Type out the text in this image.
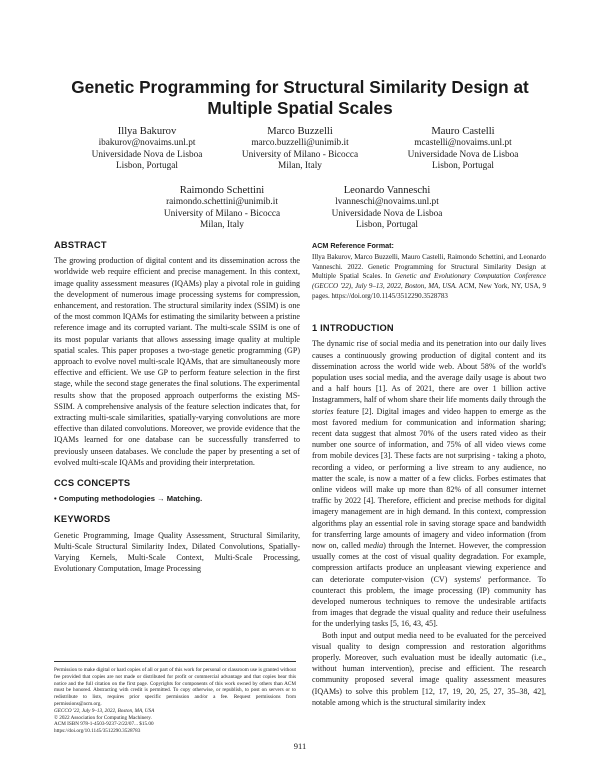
Genetic Programming for Structural Similarity Design at Multiple Spatial Scales
Illya Bakurov
ibakurov@novaims.unl.pt
Universidade Nova de Lisboa
Lisbon, Portugal
Marco Buzzelli
marco.buzzelli@unimib.it
University of Milano - Bicocca
Milan, Italy
Mauro Castelli
mcastelli@novaims.unl.pt
Universidade Nova de Lisboa
Lisbon, Portugal
Raimondo Schettini
raimondo.schettini@unimib.it
University of Milano - Bicocca
Milan, Italy
Leonardo Vanneschi
lvanneschi@novaims.unl.pt
Universidade Nova de Lisboa
Lisbon, Portugal
ABSTRACT

The growing production of digital content and its dissemination across the worldwide web require efficient and precise management. In this context, image quality assessment measures (IQAMs) play a pivotal role in guiding the development of numerous image processing systems for compression, enhancement, and restoration. The structural similarity index (SSIM) is one of the most common IQAMs for estimating the similarity between a pristine reference image and its corrupted variant. The multi-scale SSIM is one of its most popular variants that allows assessing image quality at multiple spatial scales. This paper proposes a two-stage genetic programming (GP) approach to evolve novel multi-scale IQAMs, that are simultaneously more effective and efficient. We use GP to perform feature selection in the first stage, while the second stage generates the final solutions. The experimental results show that the proposed approach outperforms the existing MS-SSIM. A comprehensive analysis of the feature selection indicates that, for extracting multi-scale similarities, spatially-varying convolutions are more effective than dilated convolutions. Moreover, we provide evidence that the IQAMs learned for one database can be successfully transferred to previously unseen databases. We conclude the paper by presenting a set of evolved multi-scale IQAMs and providing their interpretation.

CCS CONCEPTS

• Computing methodologies → Matching.

KEYWORDS

Genetic Programming, Image Quality Assessment, Structural Similarity, Multi-Scale Structural Similarity Index, Dilated Convolutions, Spatially-Varying Kernels, Multi-Scale Context, Multi-Scale Processing, Evolutionary Computation, Image Processing

Permission to make digital or hard copies of all or part of this work for personal or classroom use is granted without fee provided that copies are not made or distributed for profit or commercial advantage and that copies bear this notice and the full citation on the first page. Copyrights for components of this work owned by others than ACM must be honored. Abstracting with credit is permitted. To copy otherwise, or republish, to post on servers or to redistribute to lists, requires prior specific permission and/or a fee. Request permissions from permissions@acm.org.
GECCO '22, July 9–13, 2022, Boston, MA, USA
© 2022 Association for Computing Machinery.
ACM ISBN 978-1-4503-9237-2/22/07... $15.00
https://doi.org/10.1145/3512290.3528783
ACM Reference Format:

Illya Bakurov, Marco Buzzelli, Mauro Castelli, Raimondo Schettini, and Leonardo Vanneschi. 2022. Genetic Programming for Structural Similarity Design at Multiple Spatial Scales. In Genetic and Evolutionary Computation Conference (GECCO '22), July 9–13, 2022, Boston, MA, USA. ACM, New York, NY, USA, 9 pages. https://doi.org/10.1145/3512290.3528783

1 INTRODUCTION

The dynamic rise of social media and its penetration into our daily lives causes a continuously growing production of digital content and its dissemination across the world wide web. About 58% of the world's population uses social media, and the average daily usage is about two and a half hours [1]. As of 2021, there are over 1 billion active Instagrammers, half of whom share their life moments daily through the stories feature [2]. Digital images and video happen to emerge as the most favored medium for communication and information sharing; recent data suggest that almost 70% of the users rated video as their number one source of information, and 75% of all video views come from mobile devices [3]. These facts are not surprising - taking a photo, recording a video, or performing a live stream to any audience, no matter the scale, is now a matter of a few clicks. Forbes estimates that online videos will make up more than 82% of all consumer internet traffic by 2022 [4]. Therefore, efficient and precise methods for digital imagery management are in high demand. In this context, compression algorithms play an essential role in saving storage space and bandwidth for transferring large amounts of imagery and video information (from now on, called media) through the Internet. However, the compression usually comes at the cost of visual quality degradation. For example, compression artifacts produce an unpleasant viewing experience and can deteriorate computer-vision (CV) systems' performance. To counteract this problem, the image processing (IP) community has developed numerous techniques to remove the undesirable artifacts from images that degrade the visual quality and reduce their usefulness for the underlying tasks [5, 16, 43, 45].

Both input and output media need to be evaluated for the perceived visual quality to design compression and restoration algorithms properly. Moreover, such evaluation must be ideally automatic (i.e., without human intervention), precise and efficient. The research community proposed several image quality assessment measures (IQAMs) to solve this problem [12, 17, 19, 20, 25, 27, 35–38, 42], notable among which is the structural similarity index

911
